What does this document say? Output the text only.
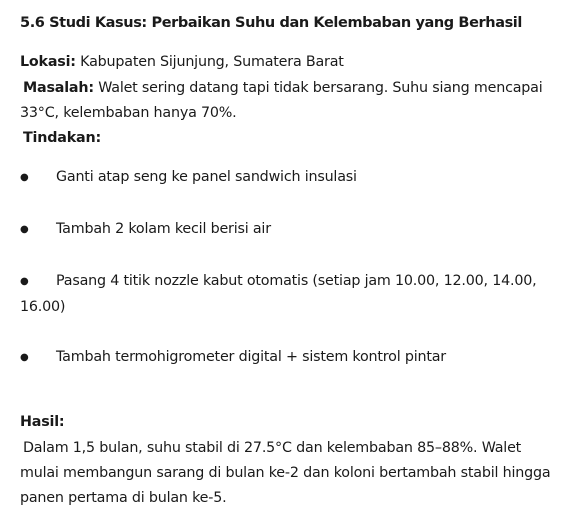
5.6 Studi Kasus: Perbaikan Suhu dan Kelembaban yang Berhasil
Lokasi: Kabupaten Sijunjung, Sumatera Barat
Masalah: Walet sering datang tapi tidak bersarang. Suhu siang mencapai 33°C, kelembaban hanya 70%.
Tindakan:
●Ganti atap seng ke panel sandwich insulasi
●Tambah 2 kolam kecil berisi air
●Pasang 4 titik nozzle kabut otomatis (setiap jam 10.00, 12.00, 14.00, 16.00)
●Tambah termohigrometer digital + sistem kontrol pintar
Hasil:
Dalam 1,5 bulan, suhu stabil di 27.5°C dan kelembaban 85–88%. Walet mulai membangun sarang di bulan ke-2 dan koloni bertambah stabil hingga panen pertama di bulan ke-5.
